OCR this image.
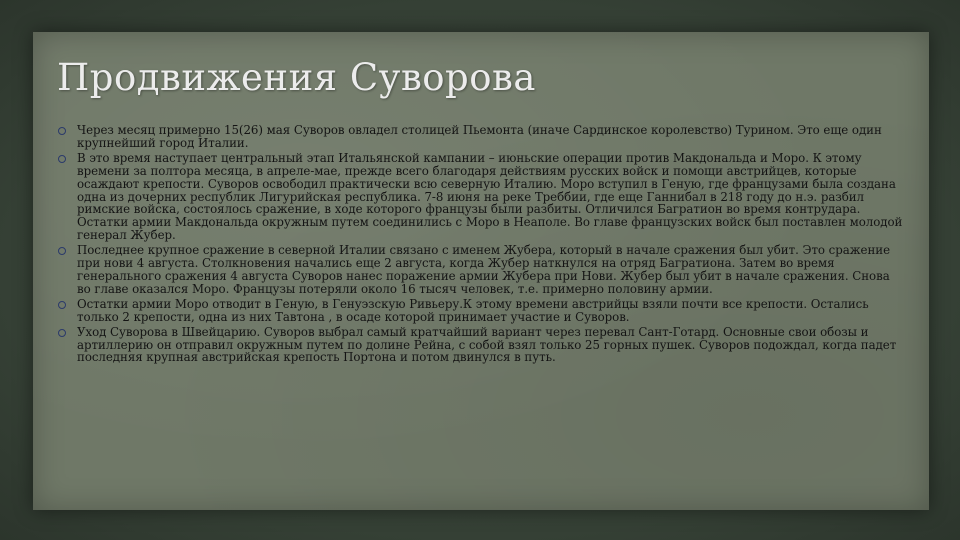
Продвижения Суворова
Через месяц примерно 15(26) мая Суворов овладел столицей Пьемонта (иначе Сардинское королевство) Турином. Это еще один крупнейший город Италии.
В это время наступает центральный этап Итальянской кампании – июньские операции против Макдональда и Моро. К этому времени за полтора месяца, в апреле-мае, прежде всего благодаря действиям русских войск и помощи австрийцев, которые осаждают крепости. Суворов освободил практически всю северную Италию. Моро вступил в Геную, где французами была создана одна из дочерних республик Лигурийская республика. 7-8 июня на реке Треббии, где еще Ганнибал в 218 году до н.э. разбил римские войска, состоялось сражение, в ходе которого французы были разбиты. Отличился Багратион во время контрудара. Остатки армии Макдональда окружным путем соединились с Моро в Неаполе. Во главе французских войск был поставлен молодой генерал Жубер.
Последнее крупное сражение в северной Италии связано с именем Жубера, который в начале сражения был убит. Это сражение при нови 4 августа. Столкновения начались еще 2 августа, когда Жубер наткнулся на отряд Багратиона. Затем во время генерального сражения 4 августа Суворов нанес поражение армии Жубера при Нови. Жубер был убит в начале сражения. Снова во главе оказался Моро. Французы потеряли около 16 тысяч человек, т.е. примерно половину армии.
Остатки армии Моро отводит в Геную, в Генуэзскую Ривьеру.К этому времени австрийцы взяли почти все крепости. Остались только 2 крепости, одна из них Тавтона , в осаде которой принимает участие и Суворов.
Уход Суворова в Швейцарию. Суворов выбрал самый кратчайший вариант через перевал Сант-Готард. Основные свои обозы и артиллерию он отправил окружным путем по долине Рейна, с собой взял только 25 горных пушек. Суворов подождал, когда падет последняя крупная австрийская крепость Портона и потом двинулся в путь.
